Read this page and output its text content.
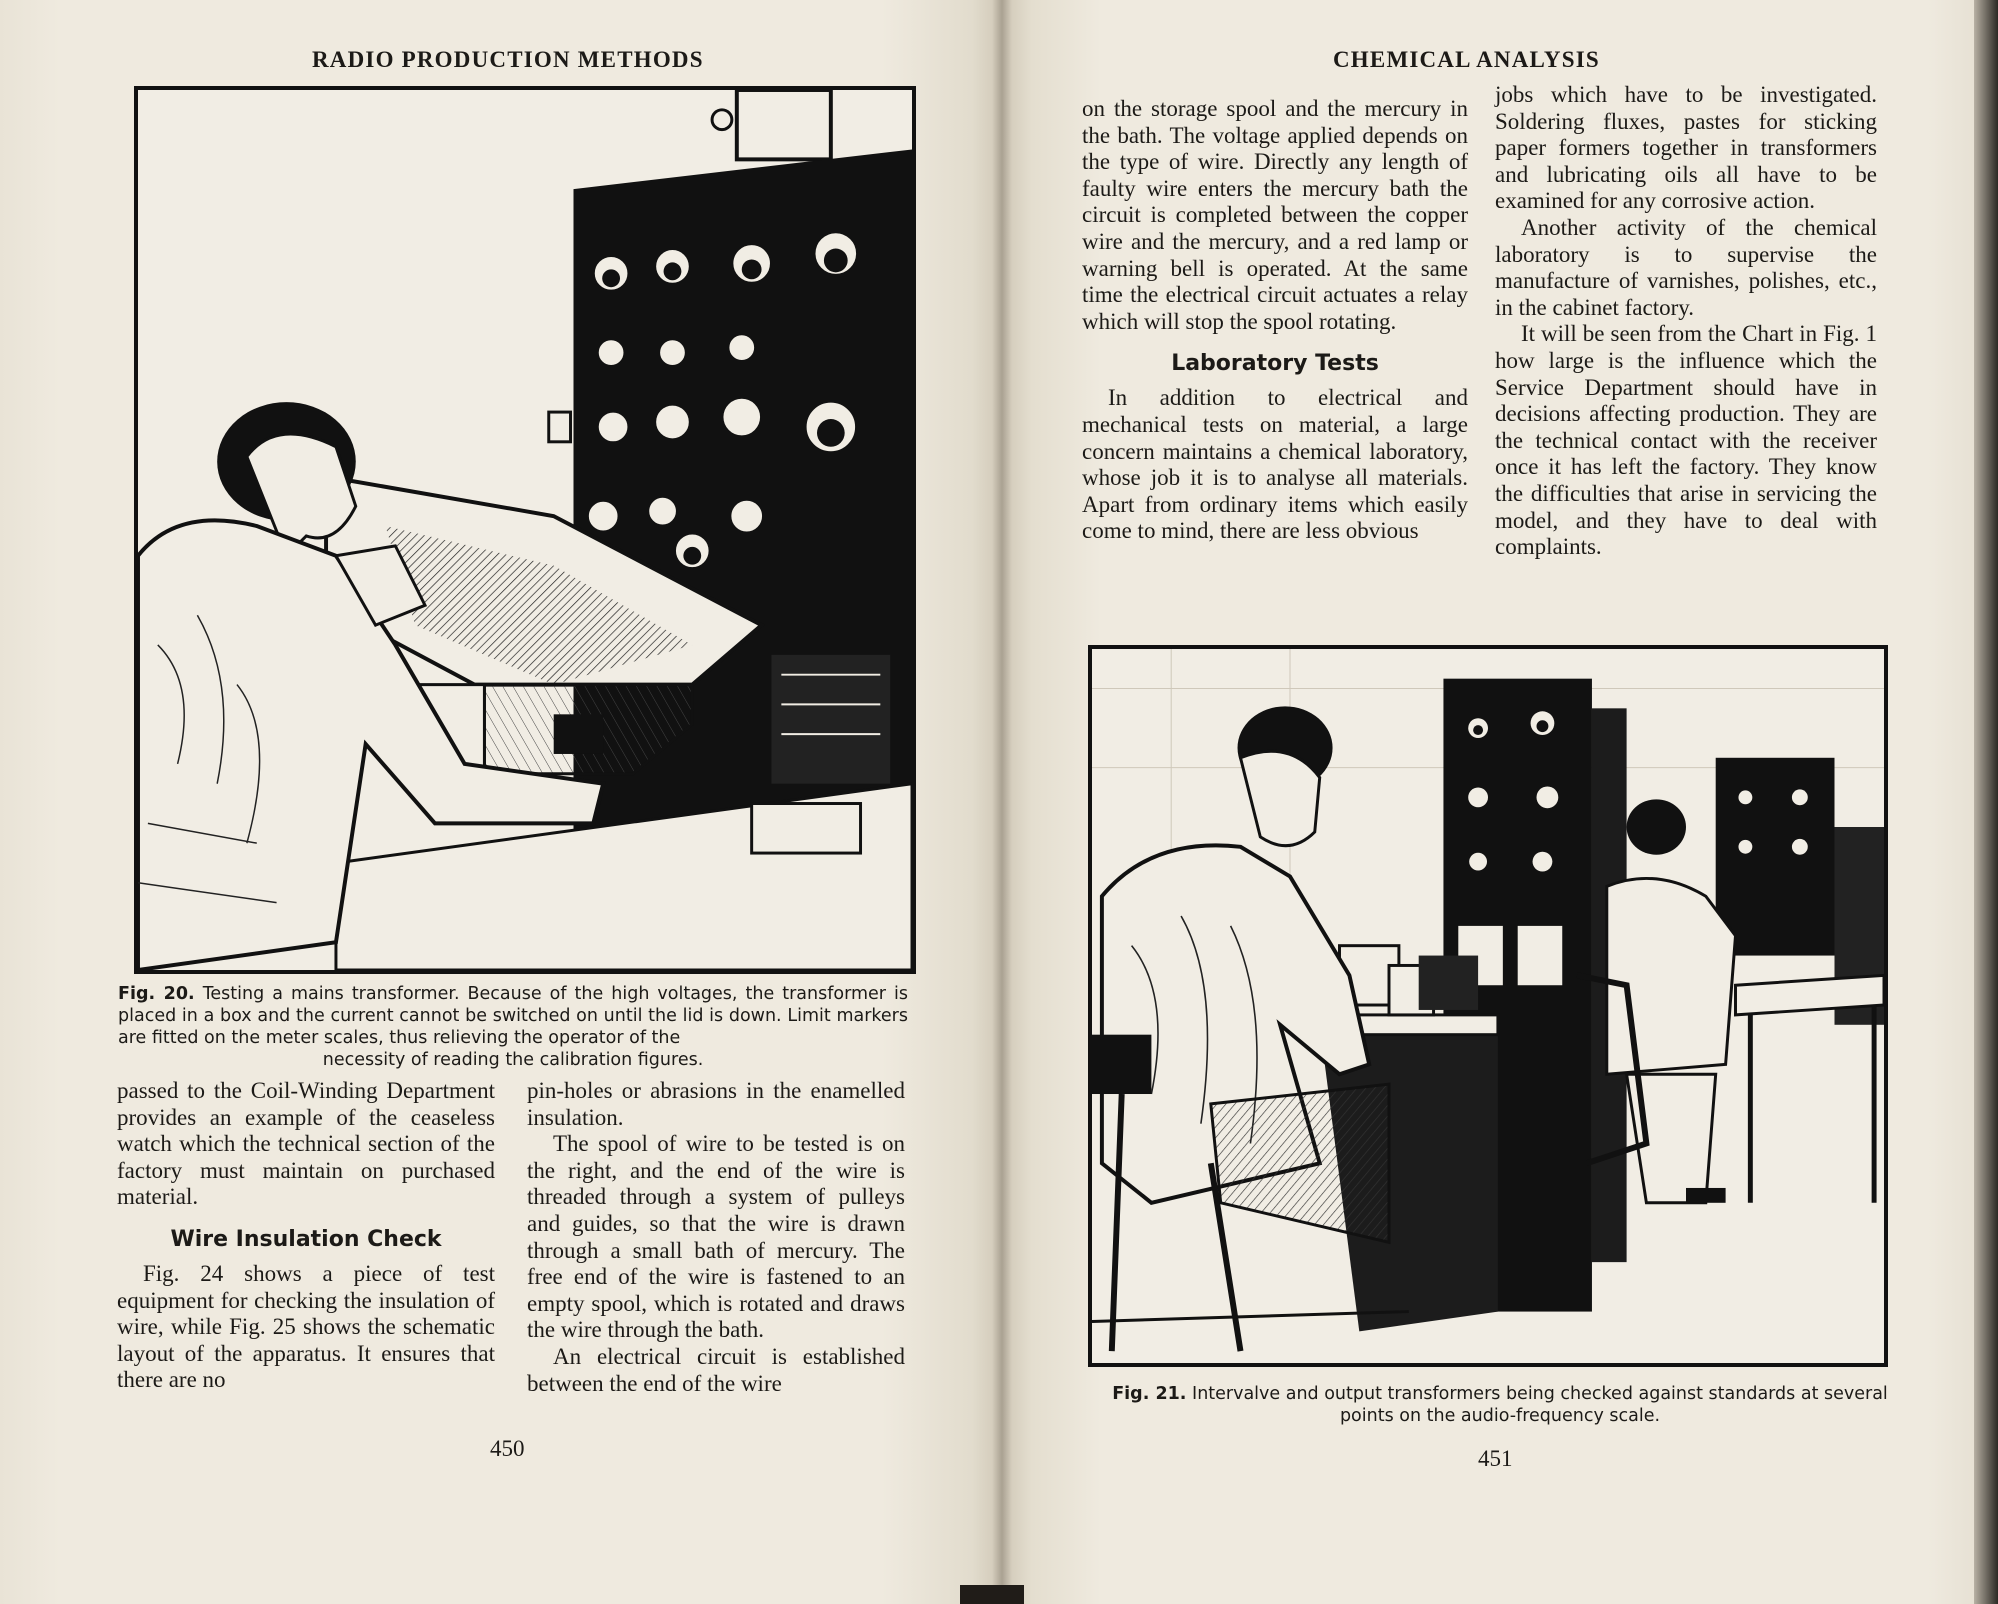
RADIO PRODUCTION METHODS
Fig. 20. Testing a mains transformer. Because of the high voltages, the transformer is placed in a box and the current cannot be switched on until the lid is down. Limit markers are fitted on the meter scales, thus relieving the operator of the
necessity of reading the calibration figures.

passed to the Coil-Winding Department provides an example of the ceaseless watch which the technical section of the factory must maintain on purchased material.

Wire Insulation Check

Fig. 24 shows a piece of test equipment for checking the insulation of wire, while Fig. 25 shows the schematic layout of the apparatus. It ensures that there are no

pin-holes or abrasions in the enamelled insulation.

The spool of wire to be tested is on the right, and the end of the wire is threaded through a system of pulleys and guides, so that the wire is drawn through a small bath of mercury. The free end of the wire is fastened to an empty spool, which is rotated and draws the wire through the bath.

An electrical circuit is established between the end of the wire

450
CHEMICAL ANALYSIS

on the storage spool and the mercury in the bath. The voltage applied depends on the type of wire. Directly any length of faulty wire enters the mercury bath the circuit is completed between the copper wire and the mercury, and a red lamp or warning bell is operated. At the same time the electrical circuit actuates a relay which will stop the spool rotating.

Laboratory Tests

In addition to electrical and mechanical tests on material, a large concern maintains a chemical laboratory, whose job it is to analyse all materials. Apart from ordinary items which easily come to mind, there are less obvious

jobs which have to be investigated. Soldering fluxes, pastes for sticking paper formers together in transformers and lubricating oils all have to be examined for any corrosive action.

Another activity of the chemical laboratory is to supervise the manufacture of varnishes, polishes, etc., in the cabinet factory.

It will be seen from the Chart in Fig. 1 how large is the influence which the Service Department should have in decisions affecting production. They are the technical contact with the receiver once it has left the factory. They know the difficulties that arise in servicing the model, and they have to deal with complaints.

Fig. 21. Intervalve and output transformers being checked against standards at several points on the audio-frequency scale.
451
